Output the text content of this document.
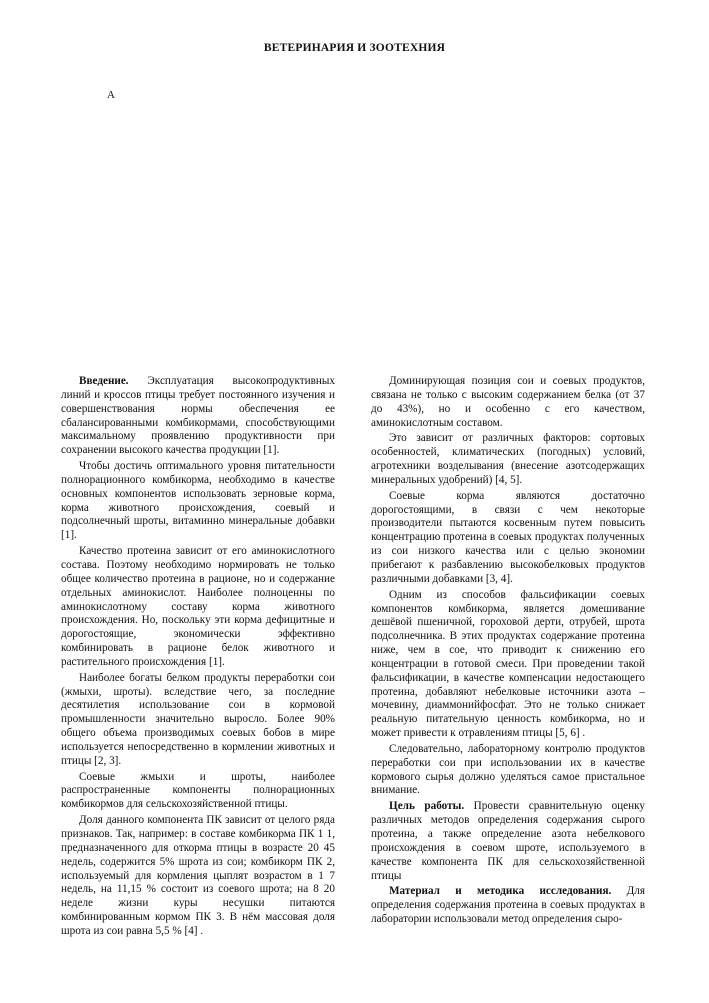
ВЕТЕРИНАРИЯ И ЗООТЕХНИЯ
А

Введение. Эксплуатация высокопродуктивных линий и кроссов птицы требует постоянного изучения и совершенствования нормы обеспечения ее сбалансированными комбикормами, способствующими максимальному проявлению продуктивности при сохранении высокого качества продукции [1].

Чтобы достичь оптимального уровня питательности полнорационного комбикорма, необходимо в качестве основных компонентов использовать зерновые корма, корма животного происхождения, соевый и подсолнечный шроты, витаминно минеральные добавки [1].

Качество протеина зависит от его аминокислотного состава. Поэтому необходимо нормировать не только общее количество протеина в рационе, но и содержание отдельных аминокислот. Наиболее полноценны по аминокислотному составу корма животного происхождения. Но, поскольку эти корма дефицитные и дорогостоящие, экономически эффективно комбинировать в рационе белок животного и растительного происхождения [1].

Наиболее богаты белком продукты переработки сои (жмыхи, шроты). вследствие чего, за последние десятилетия использование сои в кормовой промышленности значительно выросло. Более 90% общего объема производимых соевых бобов в мире используется непосредственно в кормлении животных и птицы [2, 3].

Соевые жмыхи и шроты, наиболее распространенные компоненты полнорационных комбикормов для сельскохозяйственной птицы.

Доля данного компонента ПК зависит от целого ряда признаков. Так, например: в составе комбикорма ПК 1 1, предназначенного для откорма птицы в возрасте 20 45 недель, содержится 5% шрота из сои; комбикорм ПК 2, используемый для кормления цыплят возрастом в 1 7 недель, на 11,15 % состоит из соевого шрота; на 8 20 неделе жизни куры несушки питаются комбинированным кормом ПК 3. В нём массовая доля шрота из сои равна 5,5 % [4] .

Доминирующая позиция сои и соевых продуктов, связана не только с высоким содержанием белка (от 37 до 43%), но и особенно с его качеством, аминокислотным составом.

Это зависит от различных факторов: сортовых особенностей, климатических (погодных) условий, агротехники возделывания (внесение азотсодержащих минеральных удобрений) [4, 5].

Соевые корма являются достаточно дорогостоящими, в связи с чем некоторые производители пытаются косвенным путем повысить концентрацию протеина в соевых продуктах полученных из сои низкого качества или с целью экономии прибегают к разбавлению высокобелковых продуктов различными добавками [3, 4].

Одним из способов фальсификации соевых компонентов комбикорма, является домешивание дешёвой пшеничной, гороховой дерти, отрубей, шрота подсолнечника. В этих продуктах содержание протеина ниже, чем в сое, что приводит к снижению его концентрации в готовой смеси. При проведении такой фальсификации, в качестве компенсации недостающего протеина, добавляют небелковые источники азота – мочевину, диаммонийфосфат. Это не только снижает реальную питательную ценность комбикорма, но и может привести к отравлениям птицы [5, 6] .

Следовательно, лабораторному контролю продуктов переработки сои при использовании их в качестве кормового сырья должно уделяться самое пристальное внимание.

Цель работы. Провести сравнительную оценку различных методов определения содержания сырого протеина, а также определение азота небелкового происхождения в соевом шроте, используемого в качестве компонента ПК для сельскохозяйственной птицы

Материал и методика исследования. Для определения содержания протеина в соевых продуктах в лаборатории использовали метод определения сыро-
